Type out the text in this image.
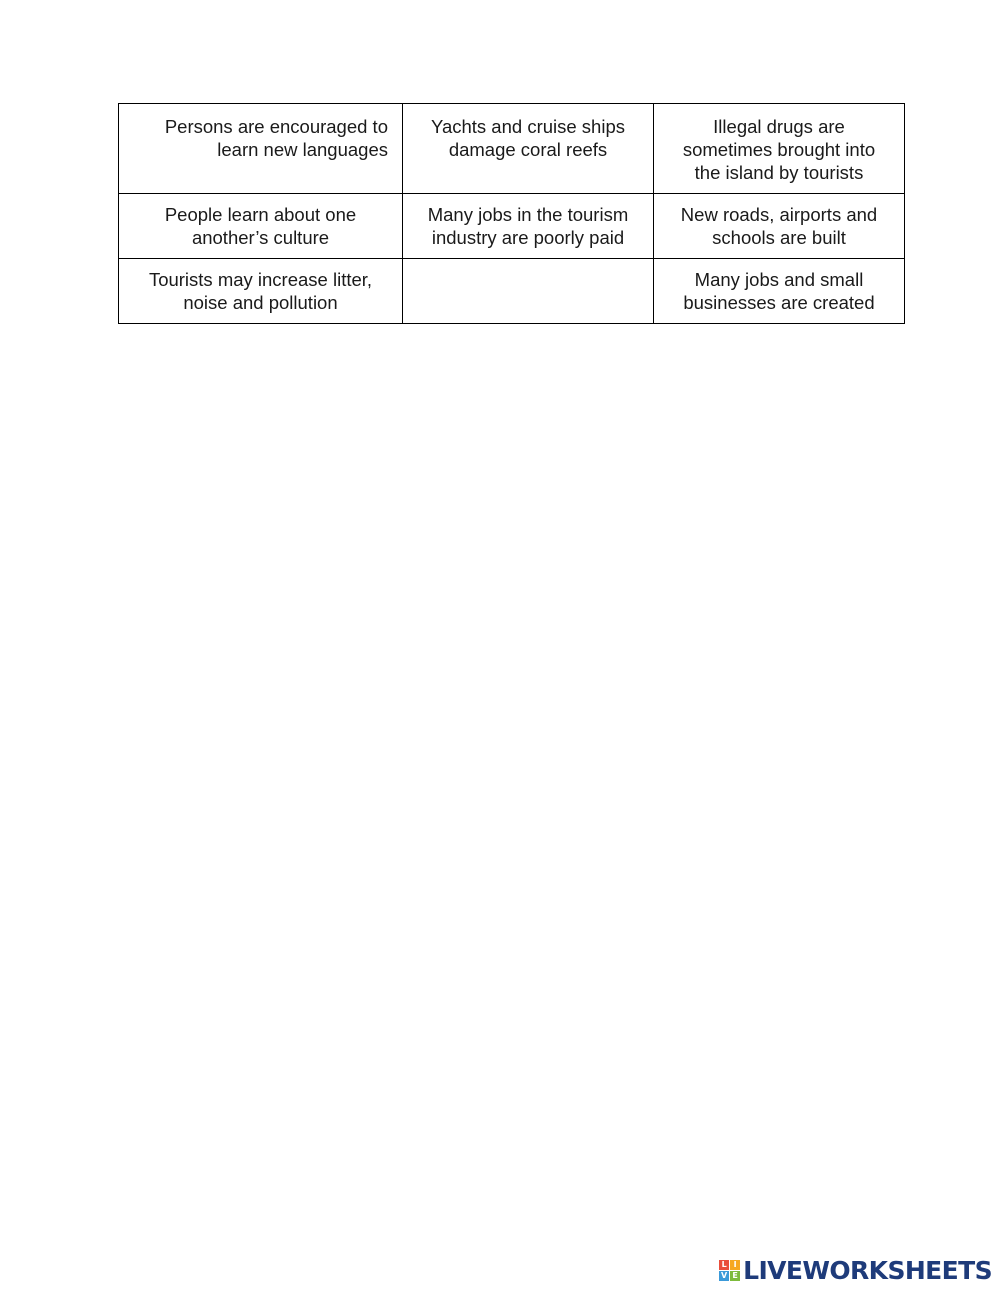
Persons are encouraged to
learn new languages	Yachts and cruise ships
damage coral reefs	Illegal drugs are
sometimes brought into
the island by tourists

People learn about one
another’s culture	Many jobs in the tourism
industry are poorly paid	New roads, airports and
schools are built

Tourists may increase litter,
noise and pollution		Many jobs and small
businesses are created
L I
V E LIVEWORKSHEETS
